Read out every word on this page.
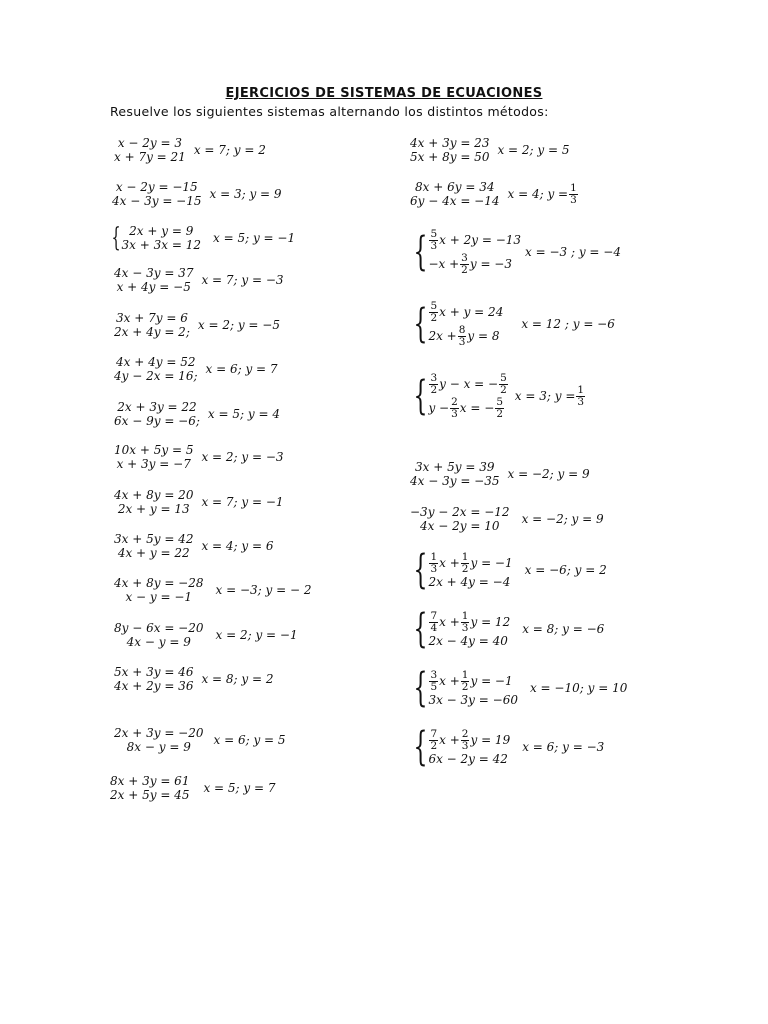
EJERCICIOS DE SISTEMAS DE ECUACIONES
Resuelve los siguientes sistemas alternando los distintos métodos:
x − 2y = 3
x + 7y = 21 x = 7; y = 2
x − 2y = −15
4x − 3y = −15 x = 3; y = 9
{ 2x + y = 9
3x + 3x = 12 x = 5; y = −1
4x − 3y = 37
x + 4y = −5 x = 7; y = −3
3x + 7y = 6
2x + 4y = 2; x = 2; y = −5
4x + 4y = 52
4y − 2x = 16; x = 6; y = 7
2x + 3y = 22
6x − 9y = −6; x = 5; y = 4
10x + 5y = 5
x + 3y = −7 x = 2; y = −3
4x + 8y = 20
2x + y = 13 x = 7; y = −1
3x + 5y = 42
4x + y = 22 x = 4; y = 6
4x + 8y = −28
x − y = −1 x = −3; y = − 2
8y − 6x = −20
4x − y = 9 x = 2; y = −1
5x + 3y = 46
4x + 2y = 36 x = 8; y = 2
2x + 3y = −20
8x − y = 9 x = 6; y = 5
8x + 3y = 61
2x + 5y = 45 x = 5; y = 7
4x + 3y = 23
5x + 8y = 50 x = 2; y = 5
8x + 6y = 34
6y − 4x = −14 x = 4; $y = \frac{1}{3}$
{ $\frac{5}{3}$ x + 2y = −13
$-x + \frac{3}{2}$ y = −3
x = −3 ; y = −4
{ $\frac{5}{2}$ x + y = 24
$2x + \frac{8}{3}$ y = 8
x = 12 ; y = −6
{ $\frac{3}{2}$ y − x = − $\frac{5}{2}$
$y - \frac{2}{3}$ x = − $\frac{5}{2}$
x = 3; $y = \frac{1}{3}$
3x + 5y = 39
4x − 3y = −35 x = −2; y = 9
−3y − 2x = −12
4x − 2y = 10 x = −2; y = 9
{ $\frac{1}{3}$ $x + \frac{1}{2}$ y = −1
2x + 4y = −4
x = −6; y = 2
{ $\frac{7}{4}$ $x + \frac{1}{3}$ y = 12
2x − 4y = 40
x = 8; y = −6
{ $\frac{3}{5}$ $x + \frac{1}{2}$ y = −1
3x − 3y = −60
x = −10; y = 10
{ $\frac{7}{2}$ $x + \frac{2}{3}$ y = 19
6x − 2y = 42
x = 6; y = −3
